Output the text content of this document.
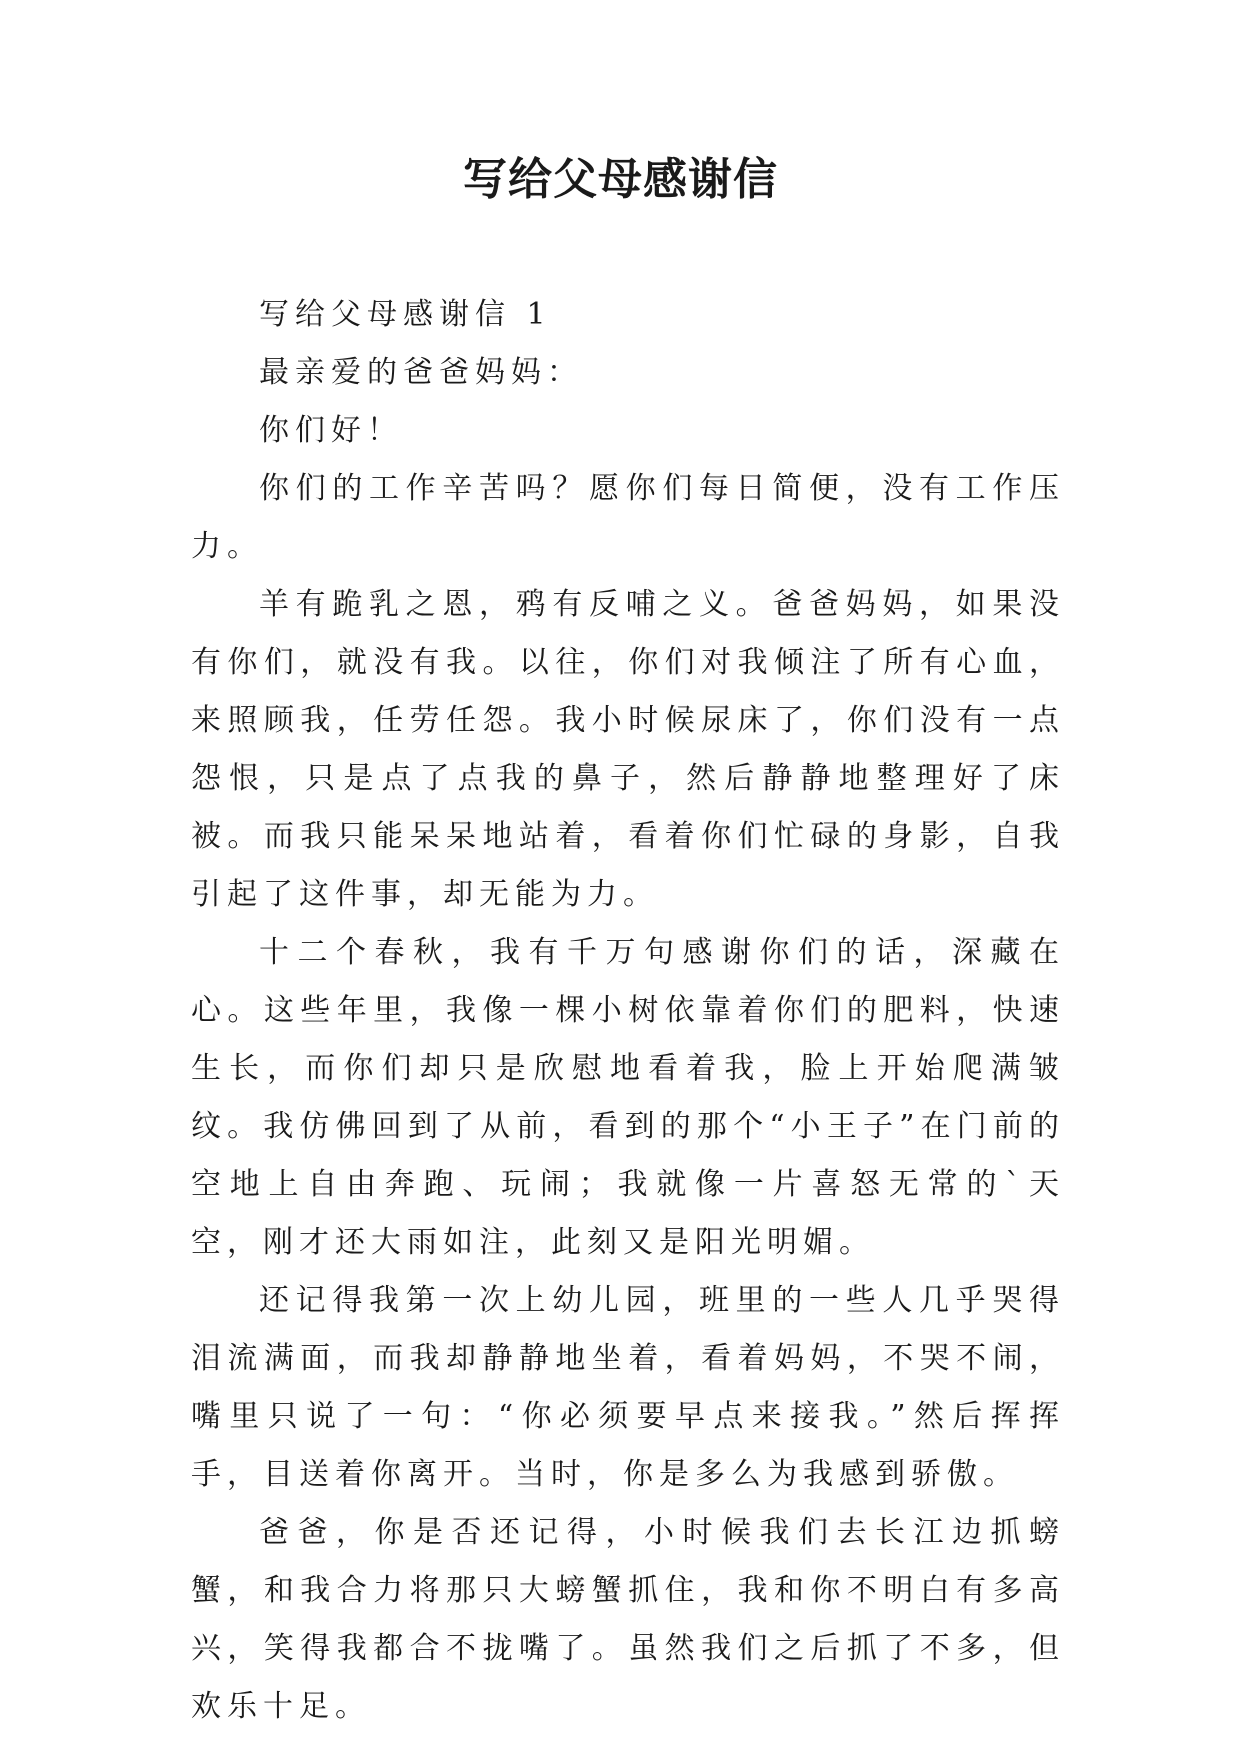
写给父母感谢信

写给父母感谢信 1

最亲爱的爸爸妈妈：

你们好！

你们的工作辛苦吗？愿你们每日简便，没有工作压力。

羊有跪乳之恩，鸦有反哺之义。爸爸妈妈，如果没有你们，就没有我。以往，你们对我倾注了所有心血，来照顾我，任劳任怨。我小时候尿床了，你们没有一点怨恨，只是点了点我的鼻子，然后静静地整理好了床被。而我只能呆呆地站着，看着你们忙碌的身影，自我引起了这件事，却无能为力。

十二个春秋，我有千万句感谢你们的话，深藏在心。这些年里，我像一棵小树依靠着你们的肥料，快速生长，而你们却只是欣慰地看着我，脸上开始爬满皱纹。我仿佛回到了从前，看到的那个“小王子”在门前的空地上自由奔跑、玩闹；我就像一片喜怒无常的`天空，刚才还大雨如注，此刻又是阳光明媚。

还记得我第一次上幼儿园，班里的一些人几乎哭得泪流满面，而我却静静地坐着，看着妈妈，不哭不闹，嘴里只说了一句：“你必须要早点来接我。”然后挥挥手，目送着你离开。当时，你是多么为我感到骄傲。

爸爸，你是否还记得，小时候我们去长江边抓螃蟹，和我合力将那只大螃蟹抓住，我和你不明白有多高兴，笑得我都合不拢嘴了。虽然我们之后抓了不多，但欢乐十足。
